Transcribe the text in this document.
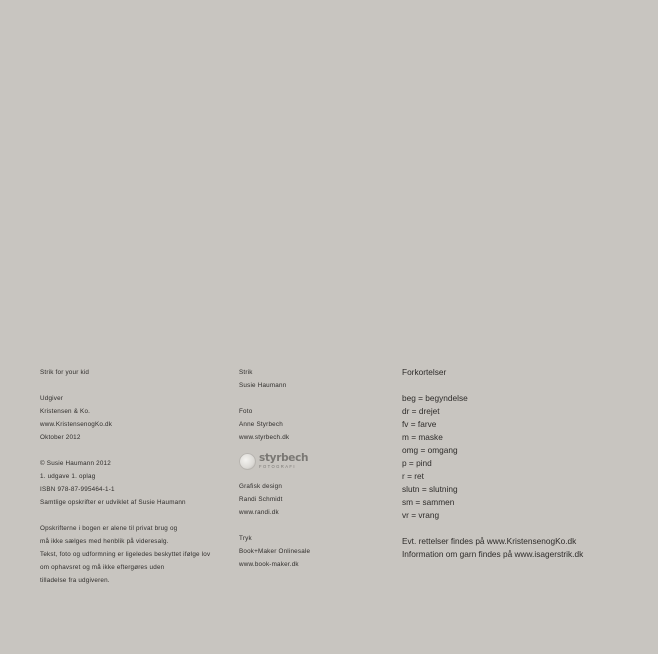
Strik for your kid
Udgiver
Kristensen & Ko.
www.KristensenogKo.dk
Oktober 2012
© Susie Haumann 2012
1. udgave 1. oplag
ISBN 978-87-995464-1-1
Samtlige opskrifter er udviklet af Susie Haumann
Opskrifterne i bogen er alene til privat brug og
må ikke sælges med henblik på videresalg.
Tekst, foto og udformning er ligeledes beskyttet ifølge lov
om ophavsret og må ikke eftergøres uden
tilladelse fra udgiveren.
Strik
Susie Haumann
Foto
Anne Styrbech
www.styrbech.dk
styrbech
FOTOGRAFI
Grafisk design
Randi Schmidt
www.randi.dk
Tryk
Book+Maker Onlinesale
www.book-maker.dk
Forkortelser
beg = begyndelse
dr = drejet
fv = farve
m = maske
omg = omgang
p = pind
r = ret
slutn = slutning
sm = sammen
vr = vrang
Evt. rettelser findes på www.KristensenogKo.dk
Information om garn findes på www.isagerstrik.dk
